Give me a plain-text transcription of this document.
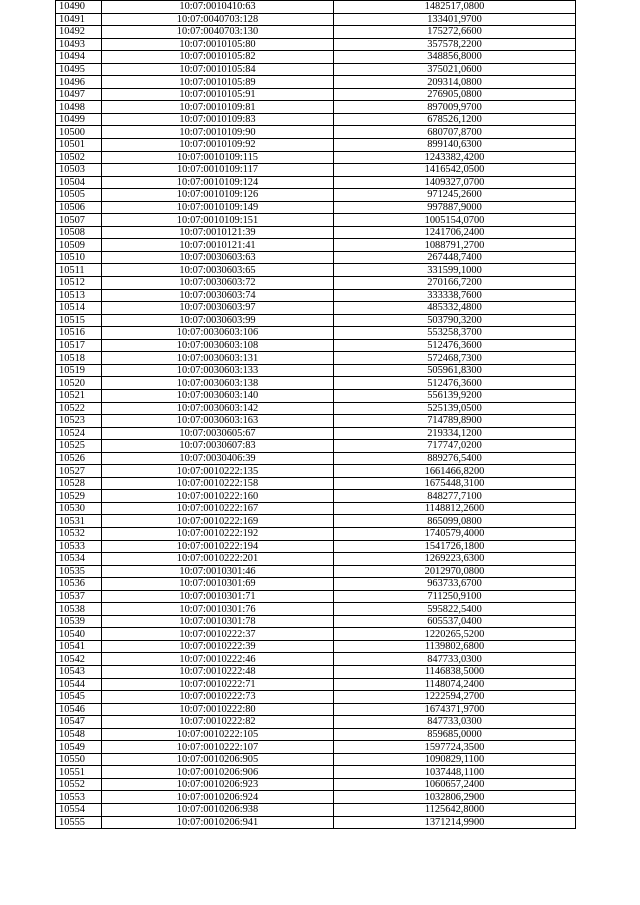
10490	10:07:0010410:63	1482517,0800
10491	10:07:0040703:128	133401,9700
10492	10:07:0040703:130	175272,6600
10493	10:07:0010105:80	357578,2200
10494	10:07:0010105:82	348856,8000
10495	10:07:0010105:84	375021,0600
10496	10:07:0010105:89	209314,0800
10497	10:07:0010105:91	276905,0800
10498	10:07:0010109:81	897009,9700
10499	10:07:0010109:83	678526,1200
10500	10:07:0010109:90	680707,8700
10501	10:07:0010109:92	899140,6300
10502	10:07:0010109:115	1243382,4200
10503	10:07:0010109:117	1416542,0500
10504	10:07:0010109:124	1409327,0700
10505	10:07:0010109:126	971245,2600
10506	10:07:0010109:149	997887,9000
10507	10:07:0010109:151	1005154,0700
10508	10:07:0010121:39	1241706,2400
10509	10:07:0010121:41	1088791,2700
10510	10:07:0030603:63	267448,7400
10511	10:07:0030603:65	331599,1000
10512	10:07:0030603:72	270166,7200
10513	10:07:0030603:74	333338,7600
10514	10:07:0030603:97	485332,4800
10515	10:07:0030603:99	503790,3200
10516	10:07:0030603:106	553258,3700
10517	10:07:0030603:108	512476,3600
10518	10:07:0030603:131	572468,7300
10519	10:07:0030603:133	505961,8300
10520	10:07:0030603:138	512476,3600
10521	10:07:0030603:140	556139,9200
10522	10:07:0030603:142	525139,0500
10523	10:07:0030603:163	714789,8900
10524	10:07:0030605:67	219334,1200
10525	10:07:0030607:83	717747,0200
10526	10:07:0030406:39	889276,5400
10527	10:07:0010222:135	1661466,8200
10528	10:07:0010222:158	1675448,3100
10529	10:07:0010222:160	848277,7100
10530	10:07:0010222:167	1148812,2600
10531	10:07:0010222:169	865099,0800
10532	10:07:0010222:192	1740579,4000
10533	10:07:0010222:194	1541726,1800
10534	10:07:0010222:201	1269223,6300
10535	10:07:0010301:46	2012970,0800
10536	10:07:0010301:69	963733,6700
10537	10:07:0010301:71	711250,9100
10538	10:07:0010301:76	595822,5400
10539	10:07:0010301:78	605537,0400
10540	10:07:0010222:37	1220265,5200
10541	10:07:0010222:39	1139802,6800
10542	10:07:0010222:46	847733,0300
10543	10:07:0010222:48	1146838,5000
10544	10:07:0010222:71	1148074,2400
10545	10:07:0010222:73	1222594,2700
10546	10:07:0010222:80	1674371,9700
10547	10:07:0010222:82	847733,0300
10548	10:07:0010222:105	859685,0000
10549	10:07:0010222:107	1597724,3500
10550	10:07:0010206:905	1090829,1100
10551	10:07:0010206:906	1037448,1100
10552	10:07:0010206:923	1060657,2400
10553	10:07:0010206:924	1032806,2900
10554	10:07:0010206:938	1125642,8000
10555	10:07:0010206:941	1371214,9900
